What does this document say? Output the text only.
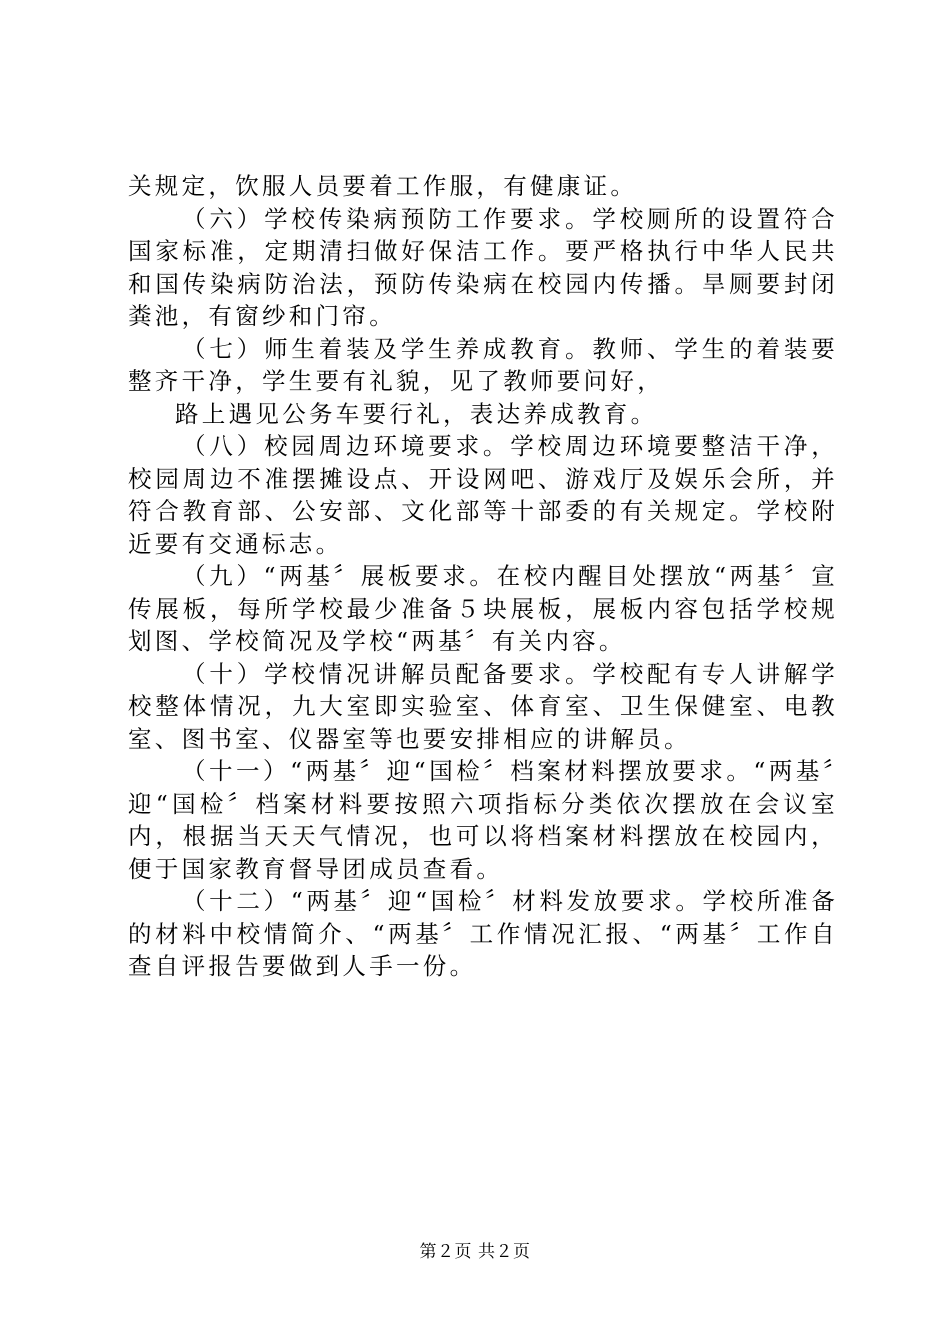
关规定，饮服人员要着工作服，有健康证。

（六）学校传染病预防工作要求。学校厕所的设置符合国家标准，定期清扫做好保洁工作。要严格执行中华人民共和国传染病防治法，预防传染病在校园内传播。旱厕要封闭粪池，有窗纱和门帘。

（七）师生着装及学生养成教育。教师、学生的着装要整齐干净，学生要有礼貌，见了教师要问好，

路上遇见公务车要行礼，表达养成教育。

（八）校园周边环境要求。学校周边环境要整洁干净，校园周边不准摆摊设点、开设网吧、游戏厅及娱乐会所，并符合教育部、公安部、文化部等十部委的有关规定。学校附近要有交通标志。

（九）“两基〞展板要求。在校内醒目处摆放“两基〞宣传展板，每所学校最少准备５块展板，展板内容包括学校规划图、学校简况及学校“两基〞有关内容。

（十）学校情况讲解员配备要求。学校配有专人讲解学校整体情况，九大室即实验室、体育室、卫生保健室、电教室、图书室、仪器室等也要安排相应的讲解员。

（十一）“两基〞迎“国检〞档案材料摆放要求。“两基〞迎“国检〞档案材料要按照六项指标分类依次摆放在会议室内，根据当天天气情况，也可以将档案材料摆放在校园内，便于国家教育督导团成员查看。

（十二）“两基〞迎“国检〞材料发放要求。学校所准备的材料中校情简介、“两基〞工作情况汇报、“两基〞工作自查自评报告要做到人手一份。

第２页 共２页
